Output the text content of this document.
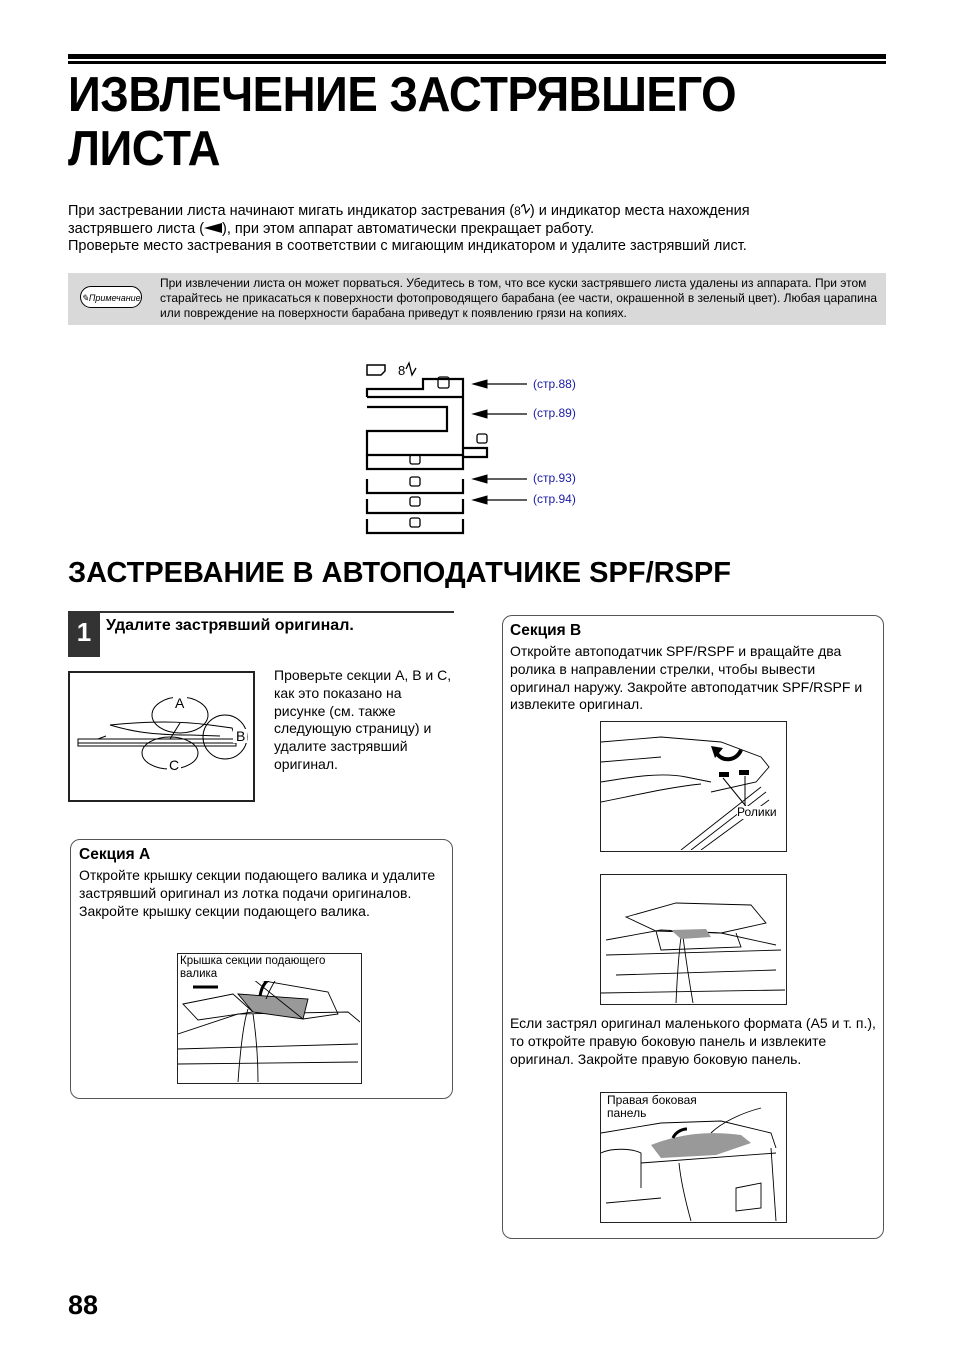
ИЗВЛЕЧЕНИЕ ЗАСТРЯВШЕГО
ЛИСТА

При застревании листа начинают мигать индикатор застревания (8 ) и индикатор места нахождения

застрявшего листа ( ), при этом аппарат автоматически прекращает работу.

Проверьте место застревания в соответствии с мигающим индикатором и удалите застрявший лист.

✎Примечание
При извлечении листа он может порваться. Убедитесь в том, что все куски застрявшего листа удалены из аппарата. При этом старайтесь не прикасаться к поверхности фотопроводящего барабана (ее части, окрашенной в зеленый цвет). Любая царапина или повреждение на поверхности барабана приведут к появлению грязи на копиях.
8
(стр.88)
(стр.89)
(стр.93)
(стр.94)
ЗАСТРЕВАНИЕ В АВТОПОДАТЧИКЕ SPF/RSPF
1 Удалите застрявший оригинал.
A
B
C
Проверьте секции A, B и C, как это показано на рисунке (см. также следующую страницу) и удалите застрявший оригинал.
Секция A
Откройте крышку секции подающего валика и удалите застрявший оригинал из лотка подачи оригиналов. Закройте крышку секции подающего валика.
Крышка секции подающего валика
Секция B
Откройте автоподатчик SPF/RSPF и вращайте два ролика в направлении стрелки, чтобы вывести оригинал наружу. Закройте автоподатчик SPF/RSPF и извлеките оригинал.
Ролики
Если застрял оригинал маленького формата (A5 и т. п.), то откройте правую боковую панель и извлеките оригинал. Закройте правую боковую панель.
Правая боковая
панель
88
